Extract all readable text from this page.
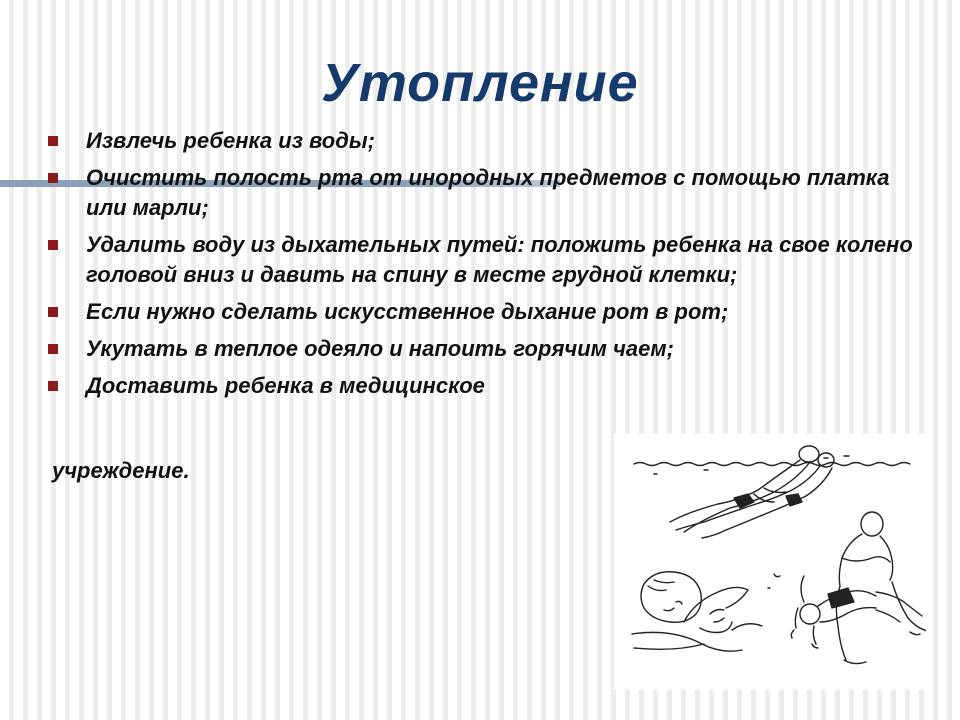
Утопление
Извлечь ребенка из воды;
Очистить полость рта от инородных предметов с помощью платка или марли;
Удалить воду из дыхательных путей: положить ребенка на свое колено головой вниз и давить на спину в месте грудной клетки;
Если нужно сделать искусственное дыхание рот в рот;
Укутать в теплое одеяло и напоить горячим чаем;
Доставить ребенка в медицинское
учреждение.
